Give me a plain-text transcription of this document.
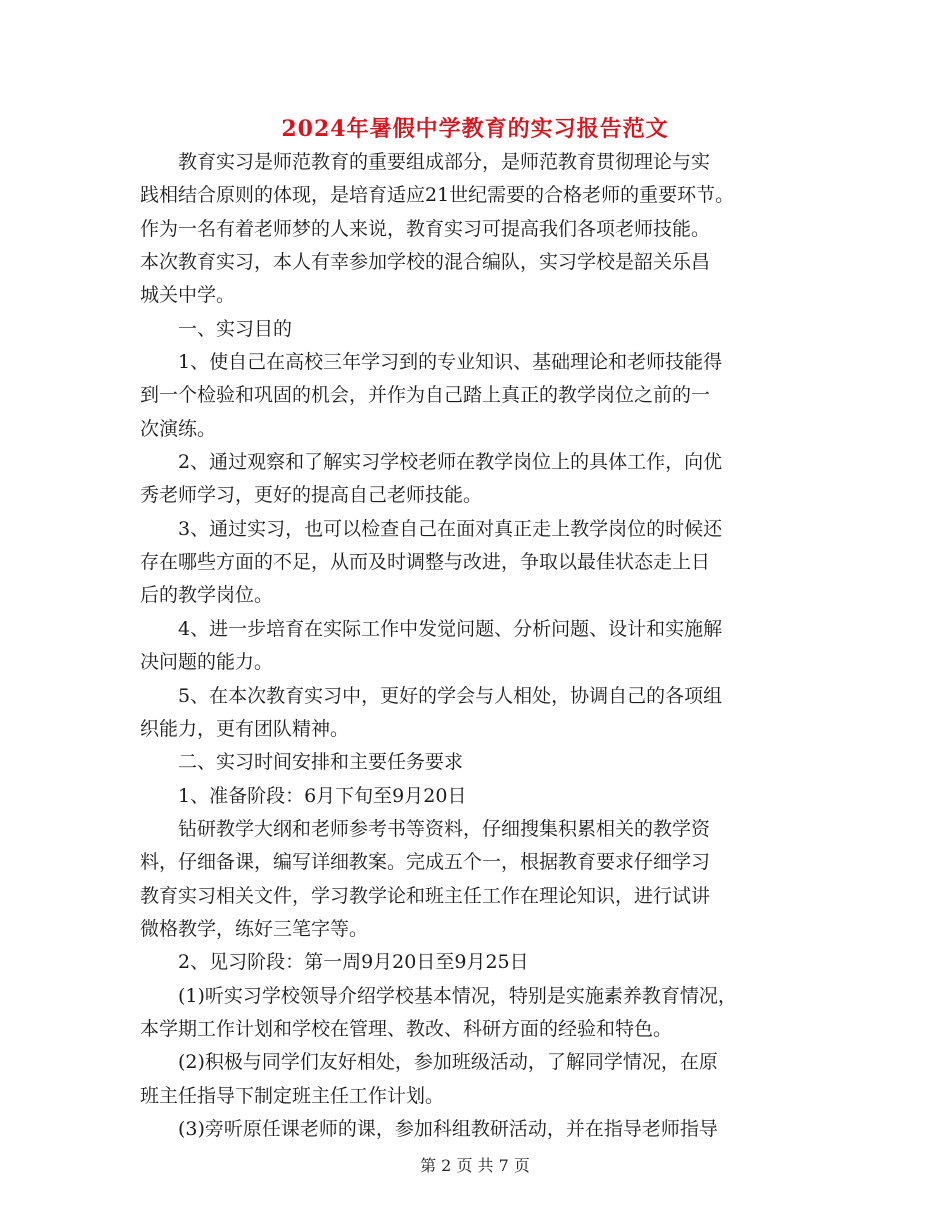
2024年暑假中学教育的实习报告范文
　　教育实习是师范教育的重要组成部分，是师范教育贯彻理论与实
践相结合原则的体现，是培育适应21世纪需要的合格老师的重要环节。
作为一名有着老师梦的人来说，教育实习可提高我们各项老师技能。
本次教育实习，本人有幸参加学校的混合编队，实习学校是韶关乐昌
城关中学。
　　一、实习目的
　　1、使自己在高校三年学习到的专业知识、基础理论和老师技能得
到一个检验和巩固的机会，并作为自己踏上真正的教学岗位之前的一
次演练。
　　2、通过观察和了解实习学校老师在教学岗位上的具体工作，向优
秀老师学习，更好的提高自己老师技能。
　　3、通过实习，也可以检查自己在面对真正走上教学岗位的时候还
存在哪些方面的不足，从而及时调整与改进，争取以最佳状态走上日
后的教学岗位。
　　4、进一步培育在实际工作中发觉问题、分析问题、设计和实施解
决问题的能力。
　　5、在本次教育实习中，更好的学会与人相处，协调自己的各项组
织能力，更有团队精神。
　　二、实习时间安排和主要任务要求
　　1、准备阶段：6月下旬至9月20日
　　钻研教学大纲和老师参考书等资料，仔细搜集积累相关的教学资
料，仔细备课，编写详细教案。完成五个一，根据教育要求仔细学习
教育实习相关文件，学习教学论和班主任工作在理论知识，进行试讲
微格教学，练好三笔字等。
　　2、见习阶段：第一周9月20日至9月25日
　　(1)听实习学校领导介绍学校基本情况，特别是实施素养教育情况，
本学期工作计划和学校在管理、教改、科研方面的经验和特色。
　　(2)积极与同学们友好相处，参加班级活动，了解同学情况，在原
班主任指导下制定班主任工作计划。
　　(3)旁听原任课老师的课，参加科组教研活动，并在指导老师指导
第 2 页 共 7 页
